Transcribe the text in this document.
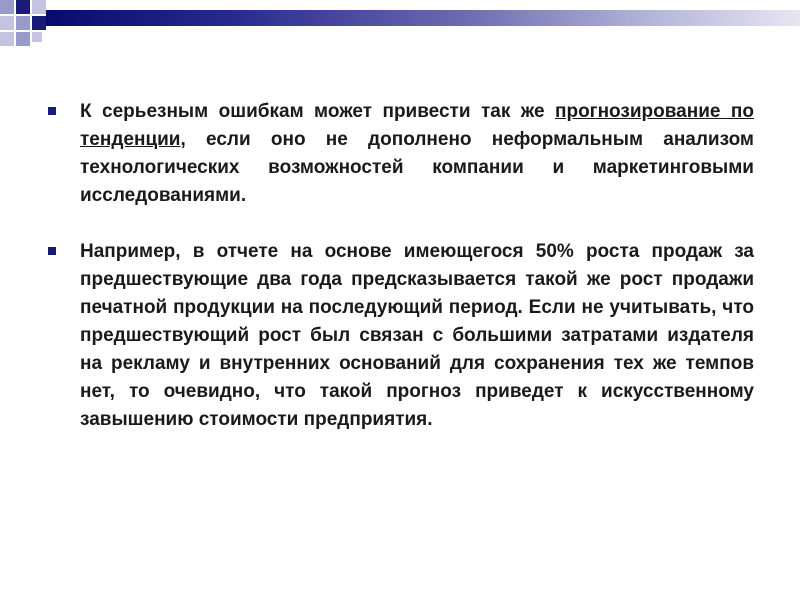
К серьезным ошибкам может привести так же прогнозирование по тенденции, если оно не дополнено неформальным анализом технологических возможностей компании и маркетинговыми исследованиями.
Например, в отчете на основе имеющегося 50% роста продаж за предшествующие два года предсказывается такой же рост продажи печатной продукции на последующий период. Если не учитывать, что предшествующий рост был связан с большими затратами издателя на рекламу и внутренних оснований для сохранения тех же темпов нет, то очевидно, что такой прогноз приведет к искусственному завышению стоимости предприятия.
